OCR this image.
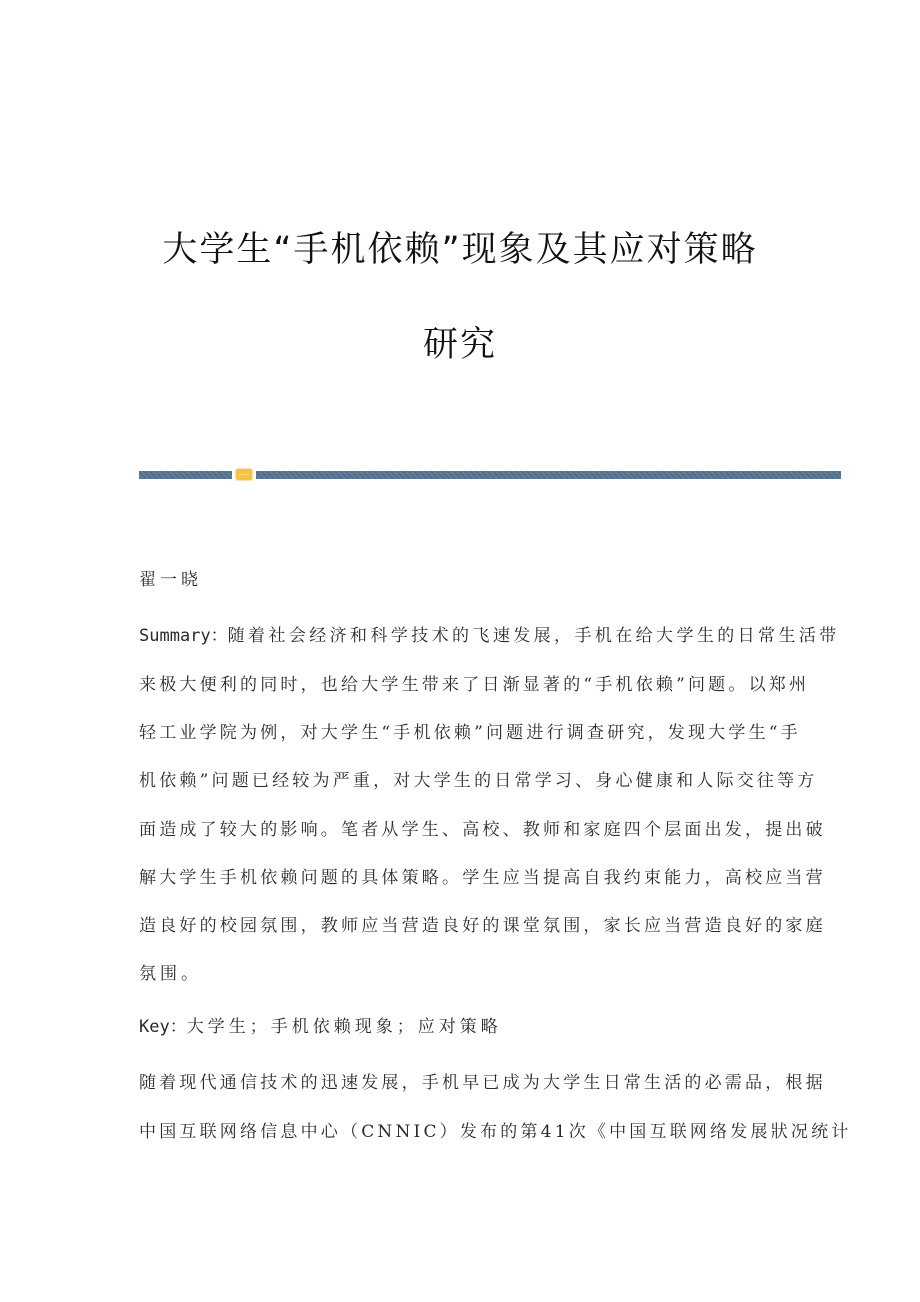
大学生“手机依赖”现象及其应对策略
研究
翟一晓
Summary：随着社会经济和科学技术的飞速发展，手机在给大学生的日常生活带
来极大便利的同时，也给大学生带来了日渐显著的“手机依赖”问题。以郑州
轻工业学院为例，对大学生“手机依赖”问题进行调查研究，发现大学生“手
机依赖”问题已经较为严重，对大学生的日常学习、身心健康和人际交往等方
面造成了较大的影响。笔者从学生、高校、教师和家庭四个层面出发，提出破
解大学生手机依赖问题的具体策略。学生应当提高自我约束能力，高校应当营
造良好的校园氛围，教师应当营造良好的课堂氛围，家长应当营造良好的家庭
氛围。
Key：大学生；手机依赖现象；应对策略
随着现代通信技术的迅速发展，手机早已成为大学生日常生活的必需品，根据
中国互联网络信息中心（CNNIC）发布的第41次《中国互联网络发展狀况统计
